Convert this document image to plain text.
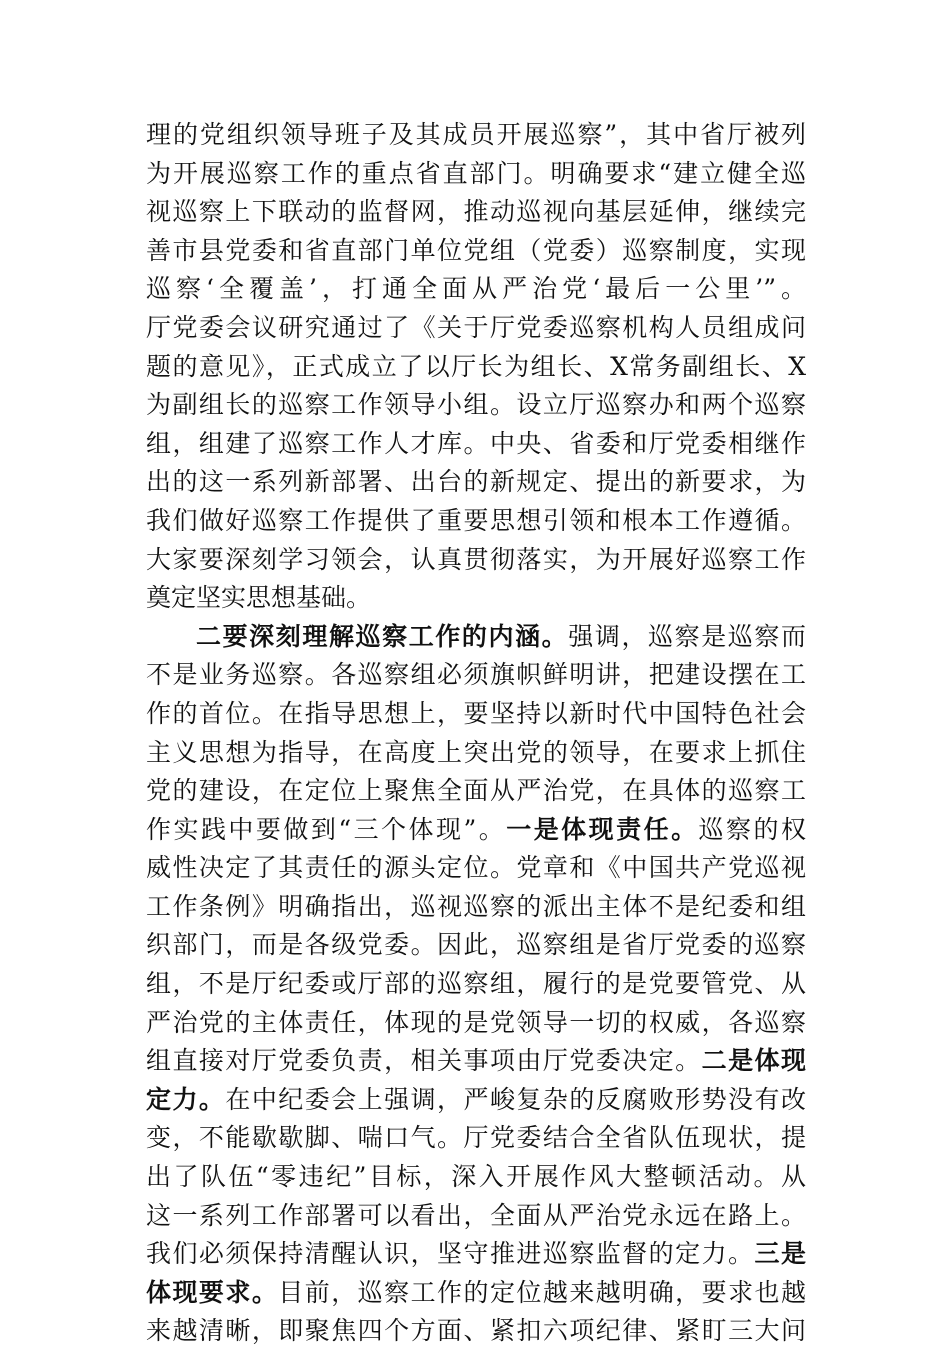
理的党组织领导班子及其成员开展巡察”，其中省厅被列
为开展巡察工作的重点省直部门。明确要求“建立健全巡
视巡察上下联动的监督网，推动巡视向基层延伸，继续完
善市县党委和省直部门单位党组（党委）巡察制度，实现
巡察‘全覆盖’，打通全面从严治党‘最后一公里’”。
厅党委会议研究通过了《关于厅党委巡察机构人员组成问
题的意见》，正式成立了以厅长为组长、X常务副组长、X
为副组长的巡察工作领导小组。设立厅巡察办和两个巡察
组，组建了巡察工作人才库。中央、省委和厅党委相继作
出的这一系列新部署、出台的新规定、提出的新要求，为
我们做好巡察工作提供了重要思想引领和根本工作遵循。
大家要深刻学习领会，认真贯彻落实，为开展好巡察工作
奠定坚实思想基础。
二要深刻理解巡察工作的内涵。强调，巡察是巡察而
不是业务巡察。各巡察组必须旗帜鲜明讲，把建设摆在工
作的首位。在指导思想上，要坚持以新时代中国特色社会
主义思想为指导，在高度上突出党的领导，在要求上抓住
党的建设，在定位上聚焦全面从严治党，在具体的巡察工
作实践中要做到“三个体现”。一是体现责任。巡察的权
威性决定了其责任的源头定位。党章和《中国共产党巡视
工作条例》明确指出，巡视巡察的派出主体不是纪委和组
织部门，而是各级党委。因此，巡察组是省厅党委的巡察
组，不是厅纪委或厅部的巡察组，履行的是党要管党、从
严治党的主体责任，体现的是党领导一切的权威，各巡察
组直接对厅党委负责，相关事项由厅党委决定。二是体现
定力。在中纪委会上强调，严峻复杂的反腐败形势没有改
变，不能歇歇脚、喘口气。厅党委结合全省队伍现状，提
出了队伍“零违纪”目标，深入开展作风大整顿活动。从
这一系列工作部署可以看出，全面从严治党永远在路上。
我们必须保持清醒认识，坚守推进巡察监督的定力。三是
体现要求。目前，巡察工作的定位越来越明确，要求也越
来越清晰，即聚焦四个方面、紧扣六项纪律、紧盯三大问
